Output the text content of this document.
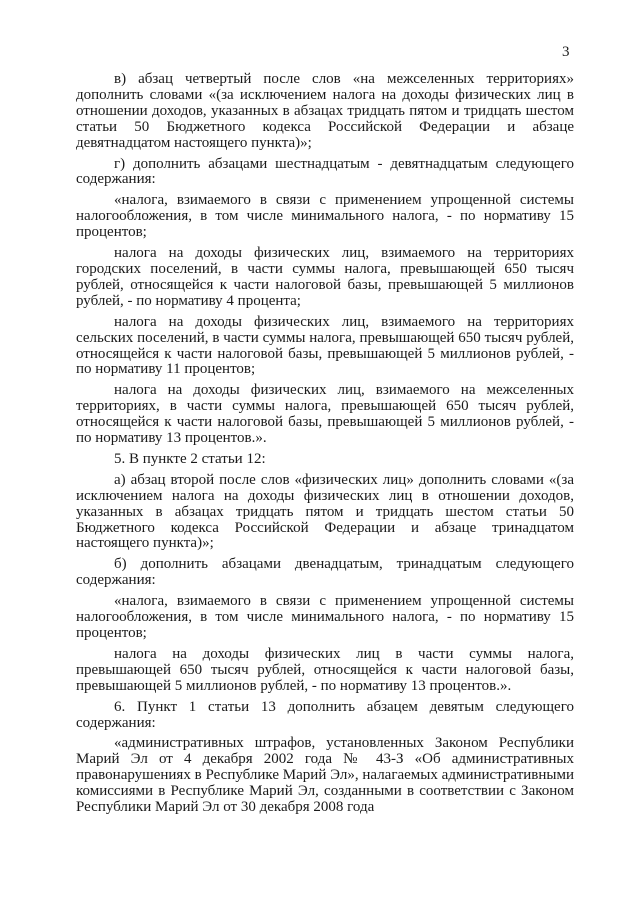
3

в) абзац четвертый после слов «на межселенных территориях» дополнить словами «(за исключением налога на доходы физических лиц в отношении доходов, указанных в абзацах тридцать пятом и тридцать шестом статьи 50 Бюджетного кодекса Российской Федерации и абзаце девятнадцатом настоящего пункта)»;

г) дополнить абзацами шестнадцатым - девятнадцатым следующего содержания:

«налога, взимаемого в связи с применением упрощенной системы налогообложения, в том числе минимального налога, - по нормативу 15 процентов;

налога на доходы физических лиц, взимаемого на территориях городских поселений, в части суммы налога, превышающей 650 тысяч рублей, относящейся к части налоговой базы, превышающей 5 миллионов рублей, - по нормативу 4 процента;

налога на доходы физических лиц, взимаемого на территориях сельских поселений, в части суммы налога, превышающей 650 тысяч рублей, относящейся к части налоговой базы, превышающей 5 миллионов рублей, - по нормативу 11 процентов;

налога на доходы физических лиц, взимаемого на межселенных территориях, в части суммы налога, превышающей 650 тысяч рублей, относящейся к части налоговой базы, превышающей 5 миллионов рублей, - по нормативу 13 процентов.».

5. В пункте 2 статьи 12:

а) абзац второй после слов «физических лиц» дополнить словами «(за исключением налога на доходы физических лиц в отношении доходов, указанных в абзацах тридцать пятом и тридцать шестом статьи 50 Бюджетного кодекса Российской Федерации и абзаце тринадцатом настоящего пункта)»;

б) дополнить абзацами двенадцатым, тринадцатым следующего содержания:

«налога, взимаемого в связи с применением упрощенной системы налогообложения, в том числе минимального налога, - по нормативу 15 процентов;

налога на доходы физических лиц в части суммы налога, превышающей 650 тысяч рублей, относящейся к части налоговой базы, превышающей 5 миллионов рублей, - по нормативу 13 процентов.».

6. Пункт 1 статьи 13 дополнить абзацем девятым следующего содержания:

«административных штрафов, установленных Законом Республики Марий Эл от 4 декабря 2002 года № 43-З «Об административных правонарушениях в Республике Марий Эл», налагаемых административными комиссиями в Республике Марий Эл, созданными в соответствии с Законом Республики Марий Эл от 30 декабря 2008 года
